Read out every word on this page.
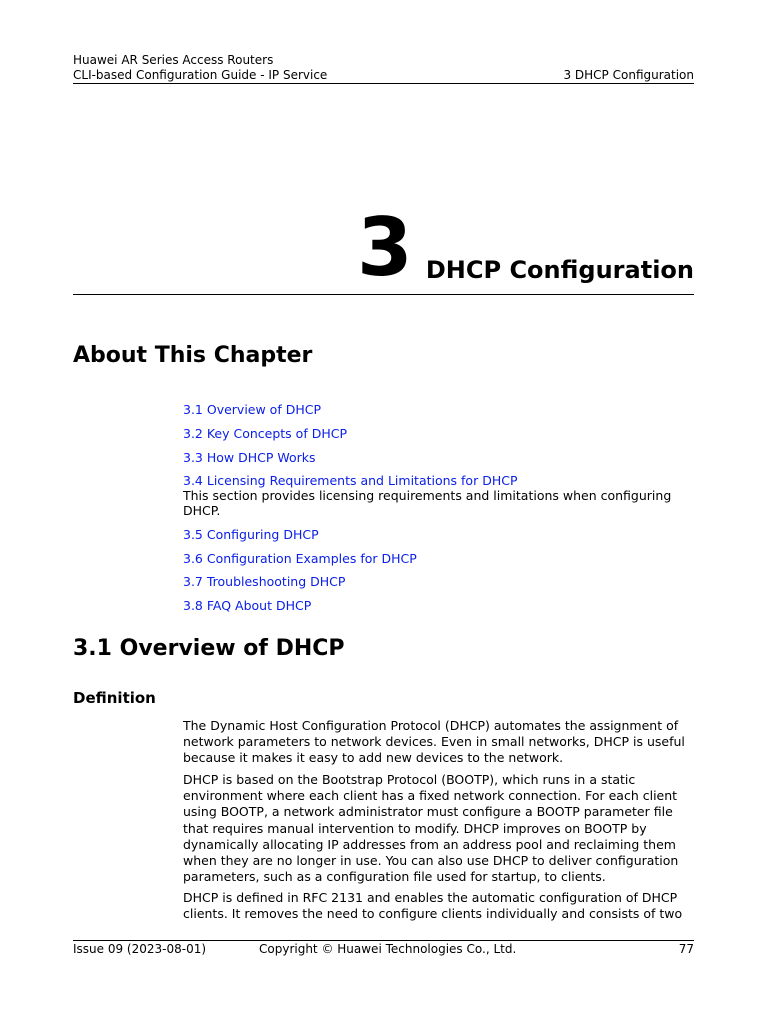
Huawei AR Series Access Routers
CLI-based Configuration Guide - IP Service	3 DHCP Configuration
3 DHCP Configuration
About This Chapter
3.1 Overview of DHCP
3.2 Key Concepts of DHCP
3.3 How DHCP Works
3.4 Licensing Requirements and Limitations for DHCP
This section provides licensing requirements and limitations when configuring DHCP.
3.5 Configuring DHCP
3.6 Configuration Examples for DHCP
3.7 Troubleshooting DHCP
3.8 FAQ About DHCP
3.1 Overview of DHCP
Definition
The Dynamic Host Configuration Protocol (DHCP) automates the assignment of network parameters to network devices. Even in small networks, DHCP is useful because it makes it easy to add new devices to the network.
DHCP is based on the Bootstrap Protocol (BOOTP), which runs in a static environment where each client has a fixed network connection. For each client using BOOTP, a network administrator must configure a BOOTP parameter file that requires manual intervention to modify. DHCP improves on BOOTP by dynamically allocating IP addresses from an address pool and reclaiming them when they are no longer in use. You can also use DHCP to deliver configuration parameters, such as a configuration file used for startup, to clients.
DHCP is defined in RFC 2131 and enables the automatic configuration of DHCP clients. It removes the need to configure clients individually and consists of two
Issue 09 (2023-08-01)	Copyright © Huawei Technologies Co., Ltd.	77
